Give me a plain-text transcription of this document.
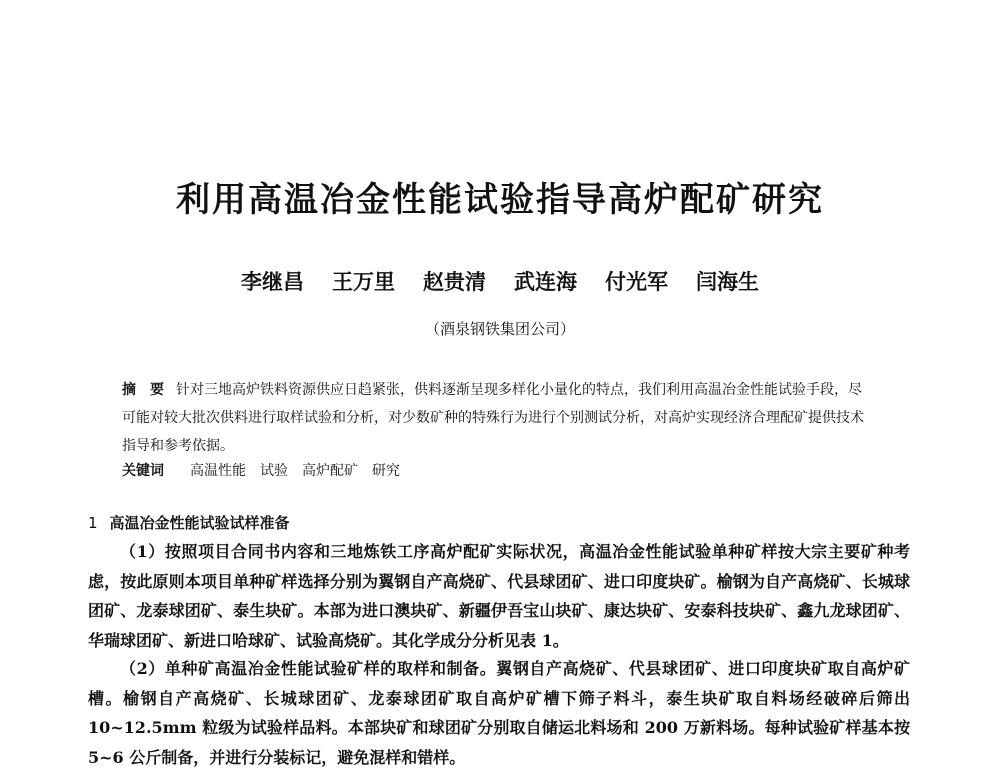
利用高温冶金性能试验指导高炉配矿研究
李继昌 王万里 赵贵清 武连海 付光军 闫海生
（酒泉钢铁集团公司）

摘　要 针对三地高炉铁料资源供应日趋紧张，供料逐渐呈现多样化小量化的特点，我们利用高温冶金性能试验手段，尽可能对较大批次供料进行取样试验和分析，对少数矿种的特殊行为进行个别测试分析，对高炉实现经济合理配矿提供技术指导和参考依据。

关键词 高温性能 试验 高炉配矿 研究
1 高温冶金性能试验试样准备

（1）按照项目合同书内容和三地炼铁工序高炉配矿实际状况，高温冶金性能试验单种矿样按大宗主要矿种考虑，按此原则本项目单种矿样选择分别为翼钢自产高烧矿、代县球团矿、进口印度块矿。榆钢为自产高烧矿、长城球团矿、龙泰球团矿、泰生块矿。本部为进口澳块矿、新疆伊吾宝山块矿、康达块矿、安泰科技块矿、鑫九龙球团矿、华瑞球团矿、新进口哈球矿、试验高烧矿。其化学成分分析见表 1。

（2）单种矿高温冶金性能试验矿样的取样和制备。翼钢自产高烧矿、代县球团矿、进口印度块矿取自高炉矿槽。榆钢自产高烧矿、长城球团矿、龙泰球团矿取自高炉矿槽下筛子料斗，泰生块矿取自料场经破碎后筛出10~12.5mm 粒级为试验样品料。本部块矿和球团矿分别取自储运北料场和 200 万新料场。每种试验矿样基本按5~6 公斤制备，并进行分装标记，避免混样和错样。
